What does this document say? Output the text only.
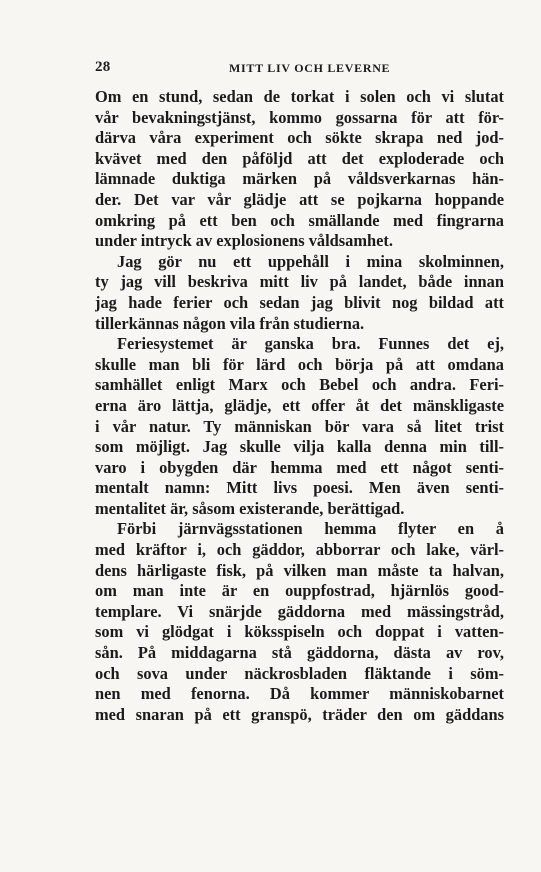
28	MITT LIV OCH LEVERNE
Om en stund, sedan de torkat i solen och vi slutat
vår bevakningstjänst, kommo gossarna för att för-
därva våra experiment och sökte skrapa ned jod-
kvävet med den påföljd att det exploderade och
lämnade duktiga märken på våldsverkarnas hän-
der. Det var vår glädje att se pojkarna hoppande
omkring på ett ben och smällande med fingrarna
under intryck av explosionens våldsamhet.
Jag gör nu ett uppehåll i mina skolminnen,
ty jag vill beskriva mitt liv på landet, både innan
jag hade ferier och sedan jag blivit nog bildad att
tillerkännas någon vila från studierna.
Feriesystemet är ganska bra. Funnes det ej,
skulle man bli för lärd och börja på att omdana
samhället enligt Marx och Bebel och andra. Feri-
erna äro lättja, glädje, ett offer åt det mänskligaste
i vår natur. Ty människan bör vara så litet trist
som möjligt. Jag skulle vilja kalla denna min till-
varo i obygden där hemma med ett något senti-
mentalt namn: Mitt livs poesi. Men även senti-
mentalitet är, såsom existerande, berättigad.
Förbi järnvägsstationen hemma flyter en å
med kräftor i, och gäddor, abborrar och lake, värl-
dens härligaste fisk, på vilken man måste ta halvan,
om man inte är en ouppfostrad, hjärnlös good-
templare. Vi snärjde gäddorna med mässingstråd,
som vi glödgat i köksspiseln och doppat i vatten-
sån. På middagarna stå gäddorna, dästa av rov,
och sova under näckrosbladen fläktande i söm-
nen med fenorna. Då kommer människobarnet
med snaran på ett granspö, träder den om gäddans
